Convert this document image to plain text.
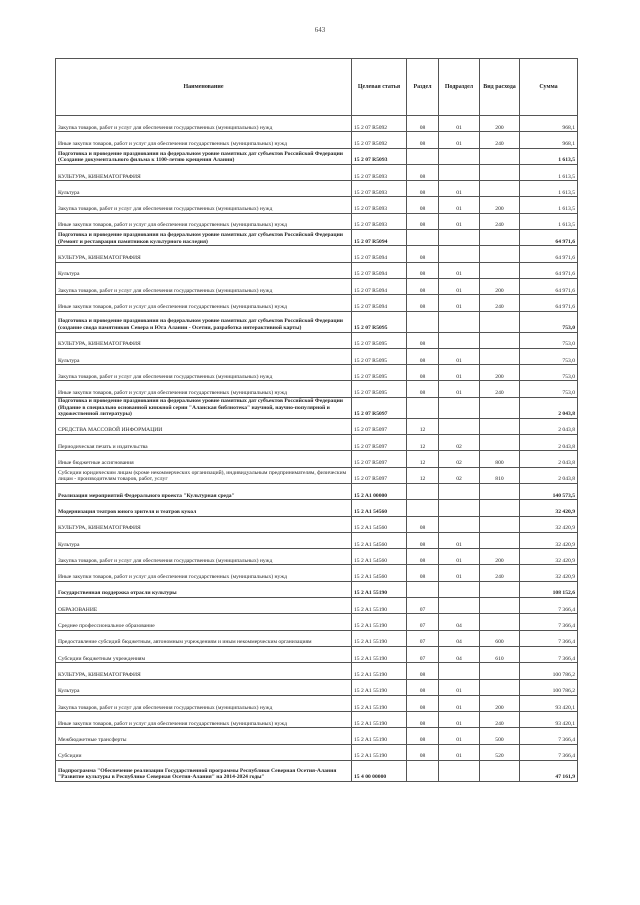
643
Наименование	Целевая статья	Раздел	Подраздел	Вид расхода	Сумма
Закупка товаров, работ и услуг для обеспечения государственных (муниципальных) нужд	15 2 07 R5092	08	01	200	968,1
Иные закупки товаров, работ и услуг для обеспечения государственных (муниципальных) нужд	15 2 07 R5092	08	01	240	968,1
Подготовка и проведение празднования на федеральном уровне памятных дат субъектов Российской Федерации (Создание документального фильма к 1100-летию крещения Алании)	15 2 07 R5093				1 613,5
КУЛЬТУРА, КИНЕМАТОГРАФИЯ	15 2 07 R5093	08			1 613,5
Культура	15 2 07 R5093	08	01		1 613,5
Закупка товаров, работ и услуг для обеспечения государственных (муниципальных) нужд	15 2 07 R5093	08	01	200	1 613,5
Иные закупки товаров, работ и услуг для обеспечения государственных (муниципальных) нужд	15 2 07 R5093	08	01	240	1 613,5
Подготовка и проведение празднования на федеральном уровне памятных дат субъектов Российской Федерации (Ремонт и реставрация памятников культурного наследия)	15 2 07 R5094				64 971,6
КУЛЬТУРА, КИНЕМАТОГРАФИЯ	15 2 07 R5094	08			64 971,6
Культура	15 2 07 R5094	08	01		64 971,6
Закупка товаров, работ и услуг для обеспечения государственных (муниципальных) нужд	15 2 07 R5094	08	01	200	64 971,6
Иные закупки товаров, работ и услуг для обеспечения государственных (муниципальных) нужд	15 2 07 R5094	08	01	240	64 971,6
Подготовка и проведение празднования на федеральном уровне памятных дат субъектов Российской Федерации (создание свода памятников Севера и Юга Алании - Осетии, разработка интерактивной карты)	15 2 07 R5095				753,0
КУЛЬТУРА, КИНЕМАТОГРАФИЯ	15 2 07 R5095	08			753,0
Культура	15 2 07 R5095	08	01		753,0
Закупка товаров, работ и услуг для обеспечения государственных (муниципальных) нужд	15 2 07 R5095	08	01	200	753,0
Иные закупки товаров, работ и услуг для обеспечения государственных (муниципальных) нужд	15 2 07 R5095	08	01	240	753,0
Подготовка и проведение празднования на федеральном уровне памятных дат субъектов Российской Федерации (Издание в специально основанной книжной серии "Аланская библиотека" научной, научно-популярной и художественной литературы)	15 2 07 R5097				2 043,8
СРЕДСТВА МАССОВОЙ ИНФОРМАЦИИ	15 2 07 R5097	12			2 043,8
Периодическая печать и издательства	15 2 07 R5097	12	02		2 043,8
Иные бюджетные ассигнования	15 2 07 R5097	12	02	800	2 043,8
Субсидии юридическим лицам (кроме некоммерческих организаций), индивидуальным предпринимателям, физическим лицам - производителям товаров, работ, услуг	15 2 07 R5097	12	02	810	2 043,8
Реализация мероприятий Федерального проекта "Культурная среда"	15 2 A1 00000				140 573,5
Модернизация театров юного зрителя и театров кукол	15 2 A1 54560				32 420,9
КУЛЬТУРА, КИНЕМАТОГРАФИЯ	15 2 A1 54560	08			32 420,9
Культура	15 2 A1 54560	08	01		32 420,9
Закупка товаров, работ и услуг для обеспечения государственных (муниципальных) нужд	15 2 A1 54560	08	01	200	32 420,9
Иные закупки товаров, работ и услуг для обеспечения государственных (муниципальных) нужд	15 2 A1 54560	08	01	240	32 420,9
Государственная поддержка отрасли культуры	15 2 A1 55190				108 152,6
ОБРАЗОВАНИЕ	15 2 A1 55190	07			7 366,4
Среднее профессиональное образование	15 2 A1 55190	07	04		7 366,4
Предоставление субсидий бюджетным, автономным учреждениям и иным некоммерческим организациям	15 2 A1 55190	07	04	600	7 366,4
Субсидии бюджетным учреждениям	15 2 A1 55190	07	04	610	7 366,4
КУЛЬТУРА, КИНЕМАТОГРАФИЯ	15 2 A1 55190	08			100 786,2
Культура	15 2 A1 55190	08	01		100 786,2
Закупка товаров, работ и услуг для обеспечения государственных (муниципальных) нужд	15 2 A1 55190	08	01	200	93 420,1
Иные закупки товаров, работ и услуг для обеспечения государственных (муниципальных) нужд	15 2 A1 55190	08	01	240	93 420,1
Межбюджетные трансферты	15 2 A1 55190	08	01	500	7 366,4
Субсидии	15 2 A1 55190	08	01	520	7 366,4
Подпрограмма "Обеспечение реализации Государственной программы Республики Северная Осетия-Алания "Развитие культуры в Республике Северная Осетия-Алания" на 2014-2024 годы"	15 4 00 00000				47 161,9
